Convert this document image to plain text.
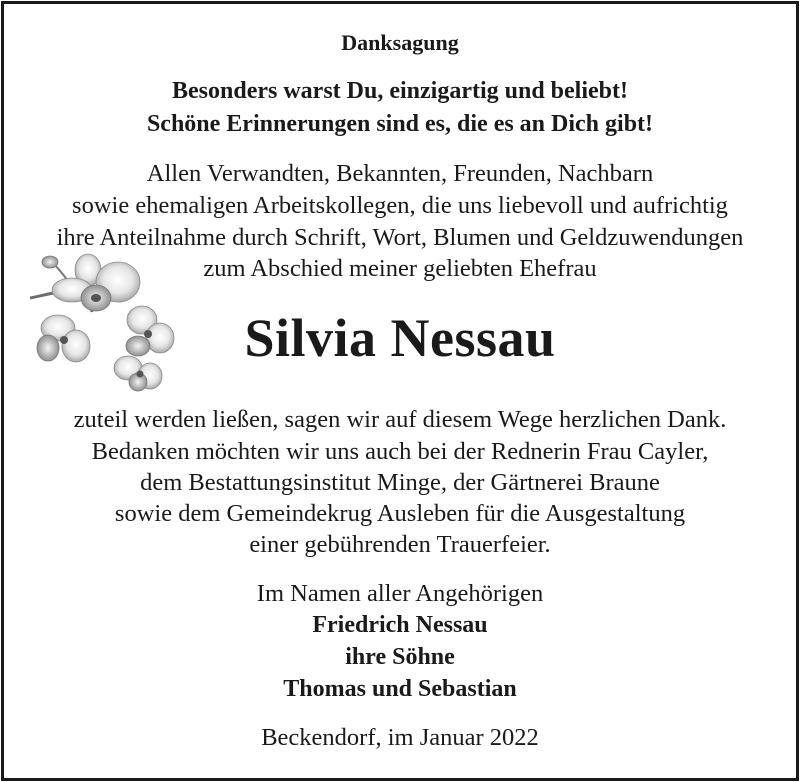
Danksagung

Besonders warst Du, einzigartig und beliebt!

Schöne Erinnerungen sind es, die es an Dich gibt!

Allen Verwandten, Bekannten, Freunden, Nachbarn

sowie ehemaligen Arbeitskollegen, die uns liebevoll und aufrichtig

ihre Anteilnahme durch Schrift, Wort, Blumen und Geldzuwendungen

zum Abschied meiner geliebten Ehefrau

Silvia Nessau

zuteil werden ließen, sagen wir auf diesem Wege herzlichen Dank.

Bedanken möchten wir uns auch bei der Rednerin Frau Cayler,

dem Bestattungsinstitut Minge, der Gärtnerei Braune

sowie dem Gemeindekrug Ausleben für die Ausgestaltung

einer gebührenden Trauerfeier.

Im Namen aller Angehörigen

Friedrich Nessau

ihre Söhne

Thomas und Sebastian

Beckendorf, im Januar 2022
